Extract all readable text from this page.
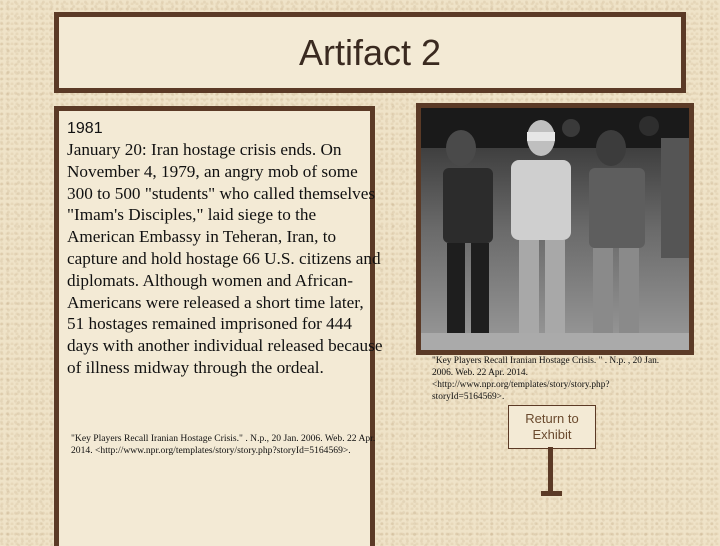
Artifact 2
1981

January 20: Iran hostage crisis ends. On November 4, 1979, an angry mob of some 300 to 500 "students" who called themselves "Imam's Disciples," laid siege to the American Embassy in Teheran, Iran, to capture and hold hostage 66 U.S. citizens and diplomats. Although women and African-Americans were released a short time later, 51 hostages remained imprisoned for 444 days with another individual released because of illness midway through the ordeal.

"Key Players Recall Iranian Hostage Crisis." . N.p., 20 Jan. 2006. Web. 22 Apr. 2014. <http://www.npr.org/templates/story/story.php?storyId=5164569>.
"Key Players Recall Iranian Hostage Crisis. " . N.p. , 20 Jan. 2006. Web. 22 Apr. 2014. <http://www.npr.org/templates/story/story.php?storyId=5164569>.
Return to
Exhibit
